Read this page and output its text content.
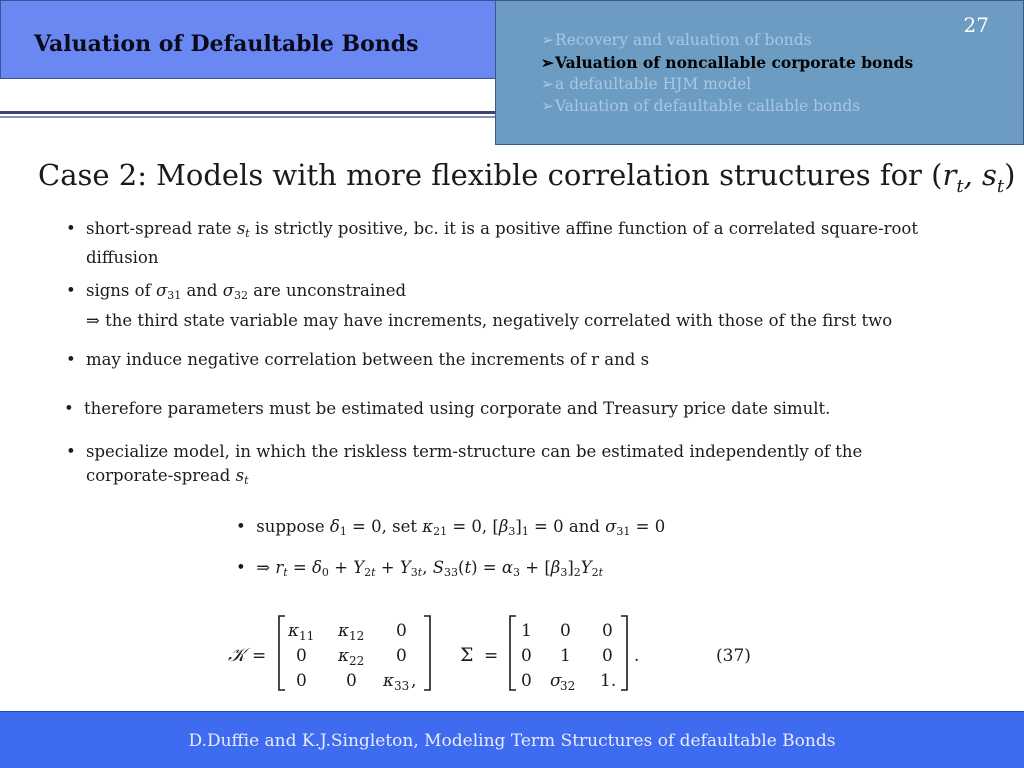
Valuation of Defaultable Bonds
27
➢Recovery and valuation of bonds
➢Valuation of noncallable corporate bonds
➢a defaultable HJM model
➢Valuation of defaultable callable bonds
Case 2: Models with more flexible correlation structures for ($r_t$, $s_t$)
• short-spread rate st is strictly positive, bc. it is a positive affine function of a correlated square-root
diffusion
• signs of $\sigma_{31}$ and $\sigma_{32}$ are unconstrained
⇒ the third state variable may have increments, negatively correlated with those of the first two
• may induce negative correlation between the increments of r and s
• therefore parameters must be estimated using corporate and Treasury price date simult.
• specialize model, in which the riskless term-structure can be estimated independently of the
corporate-spread st
• suppose $\delta_1 = 0$, set $\kappa_{21} = 0$, $[\beta_3]_1 = 0$ and $\sigma_{31} = 0$
• ⇒ rt = $\delta_0 + Y2t + Y3t$, $S_{33}(t) = \alpha_3 + [\beta_3]_2Y2t$
𝒦 =
κ 11 κ 12 0
0 κ 22 0
0 0 κ 33 ,
Σ =
1 0 0
0 1 0
0 σ
32 1.
.	(37)
D.Duffie and K.J.Singleton, Modeling Term Structures of defaultable Bonds
